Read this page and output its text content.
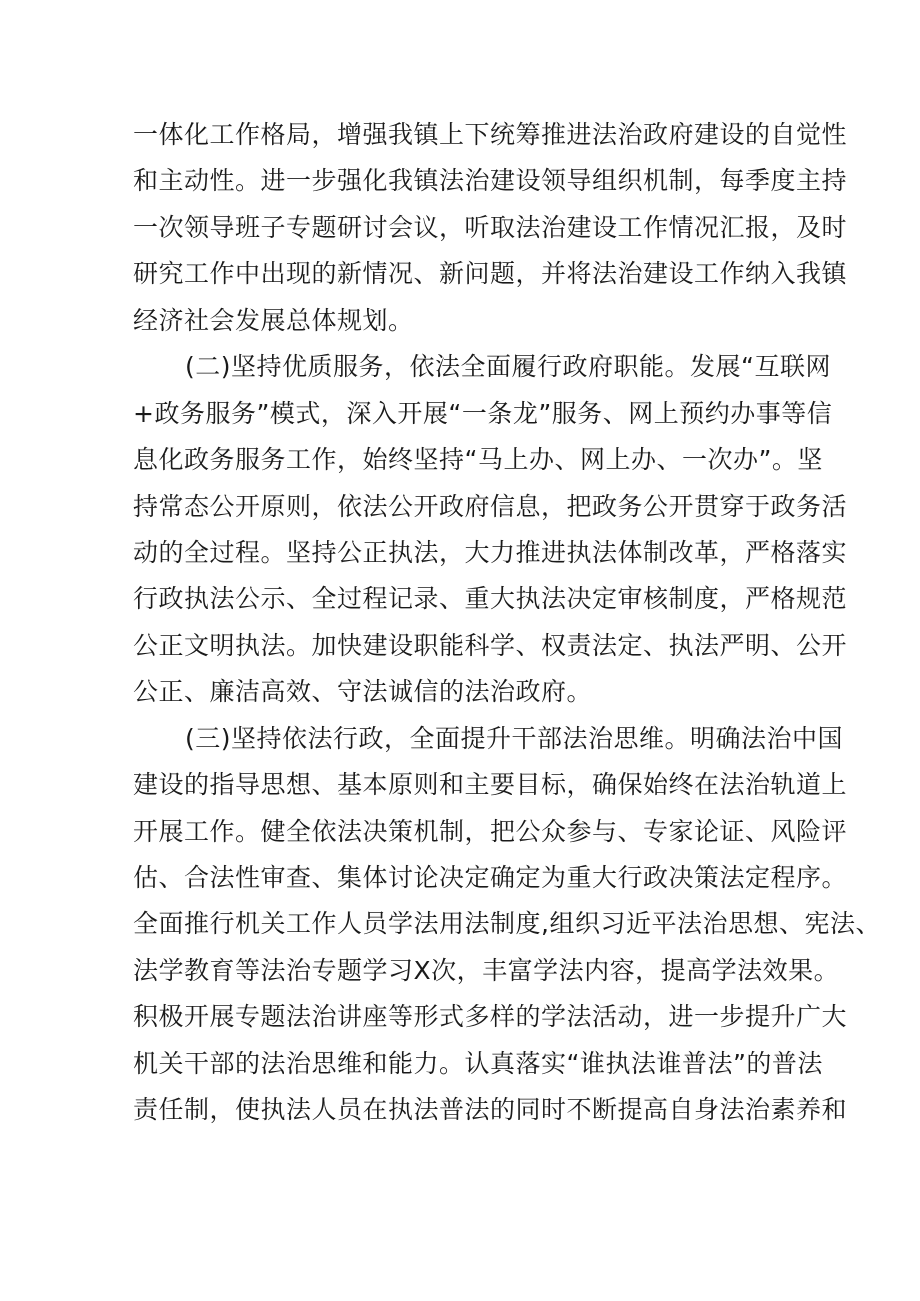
一体化工作格局，增强我镇上下统筹推进法治政府建设的自觉性
和主动性。进一步强化我镇法治建设领导组织机制，每季度主持
一次领导班子专题研讨会议，听取法治建设工作情况汇报，及时
研究工作中出现的新情况、新问题，并将法治建设工作纳入我镇
经济社会发展总体规划。
(二)坚持优质服务，依法全面履行政府职能。发展“互联网
+政务服务”模式，深入开展“一条龙”服务、网上预约办事等信
息化政务服务工作，始终坚持“马上办、网上办、一次办”。坚
持常态公开原则，依法公开政府信息，把政务公开贯穿于政务活
动的全过程。坚持公正执法，大力推进执法体制改革，严格落实
行政执法公示、全过程记录、重大执法决定审核制度，严格规范
公正文明执法。加快建设职能科学、权责法定、执法严明、公开
公正、廉洁高效、守法诚信的法治政府。
(三)坚持依法行政，全面提升干部法治思维。明确法治中国
建设的指导思想、基本原则和主要目标，确保始终在法治轨道上
开展工作。健全依法决策机制，把公众参与、专家论证、风险评
估、合法性审查、集体讨论决定确定为重大行政决策法定程序。
全面推行机关工作人员学法用法制度,组织习近平法治思想、宪法、
法学教育等法治专题学习X次，丰富学法内容，提高学法效果。
积极开展专题法治讲座等形式多样的学法活动，进一步提升广大
机关干部的法治思维和能力。认真落实“谁执法谁普法”的普法
责任制，使执法人员在执法普法的同时不断提高自身法治素养和
